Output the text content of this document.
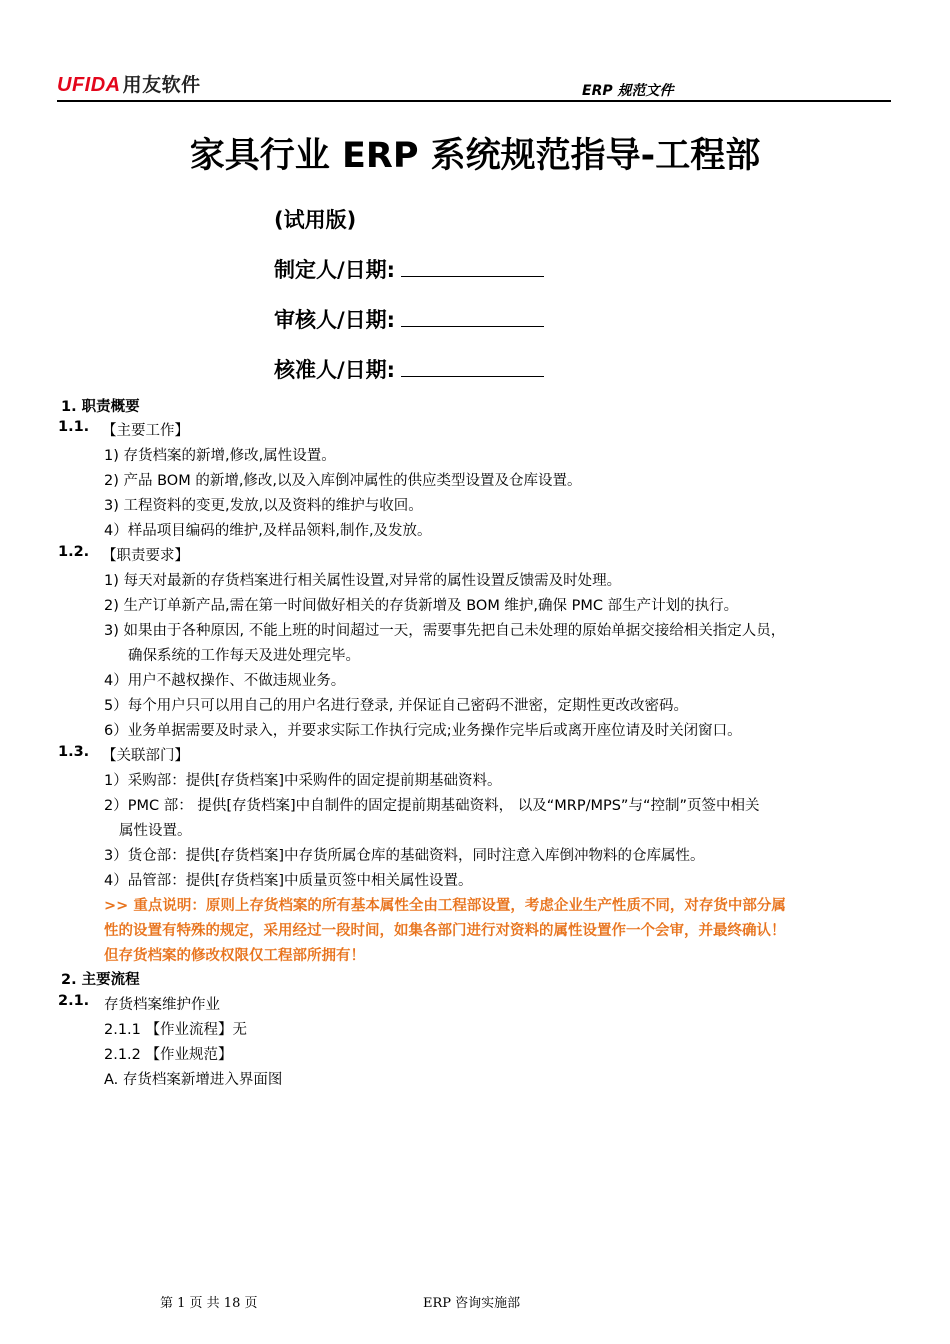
UFIDA 用友软件	ERP 规范文件
家具行业 ERP 系统规范指导-工程部
(试用版)
制定人/日期:
审核人/日期:
核准人/日期:
1. 职责概要
1.1. 【主要工作】
1) 存货档案的新增,修改,属性设置。
2) 产品 BOM 的新增,修改,以及入库倒冲属性的供应类型设置及仓库设置。
3) 工程资料的变更,发放,以及资料的维护与收回。
4）样品项目编码的维护,及样品领料,制作,及发放。
1.2. 【职责要求】
1) 每天对最新的存货档案进行相关属性设置,对异常的属性设置反馈需及时处理。
2) 生产订单新产品,需在第一时间做好相关的存货新增及 BOM 维护,确保 PMC 部生产计划的执行。
3) 如果由于各种原因, 不能上班的时间超过一天，需要事先把自己未处理的原始单据交接给相关指定人员，
确保系统的工作每天及进处理完毕。
4）用户不越权操作、不做违规业务。
5）每个用户只可以用自己的用户名进行登录, 并保证自己密码不泄密，定期性更改改密码。
6）业务单据需要及时录入，并要求实际工作执行完成;业务操作完毕后或离开座位请及时关闭窗口。
1.3. 【关联部门】
1）采购部：提供[存货档案]中采购件的固定提前期基础资料。
2）PMC 部： 提供[存货档案]中自制件的固定提前期基础资料， 以及“MRP/MPS”与“控制”页签中相关
属性设置。
3）货仓部：提供[存货档案]中存货所属仓库的基础资料，同时注意入库倒冲物料的仓库属性。
4）品管部：提供[存货档案]中质量页签中相关属性设置。
>> 重点说明：原则上存货档案的所有基本属性全由工程部设置，考虑企业生产性质不同，对存货中部分属
性的设置有特殊的规定，采用经过一段时间，如集各部门进行对资料的属性设置作一个会审，并最终确认！
但存货档案的修改权限仅工程部所拥有！
2. 主要流程
2.1. 存货档案维护作业
2.1.1 【作业流程】无
2.1.2 【作业规范】
A. 存货档案新增进入界面图
第 1 页 共 18 页	ERP 咨询实施部
